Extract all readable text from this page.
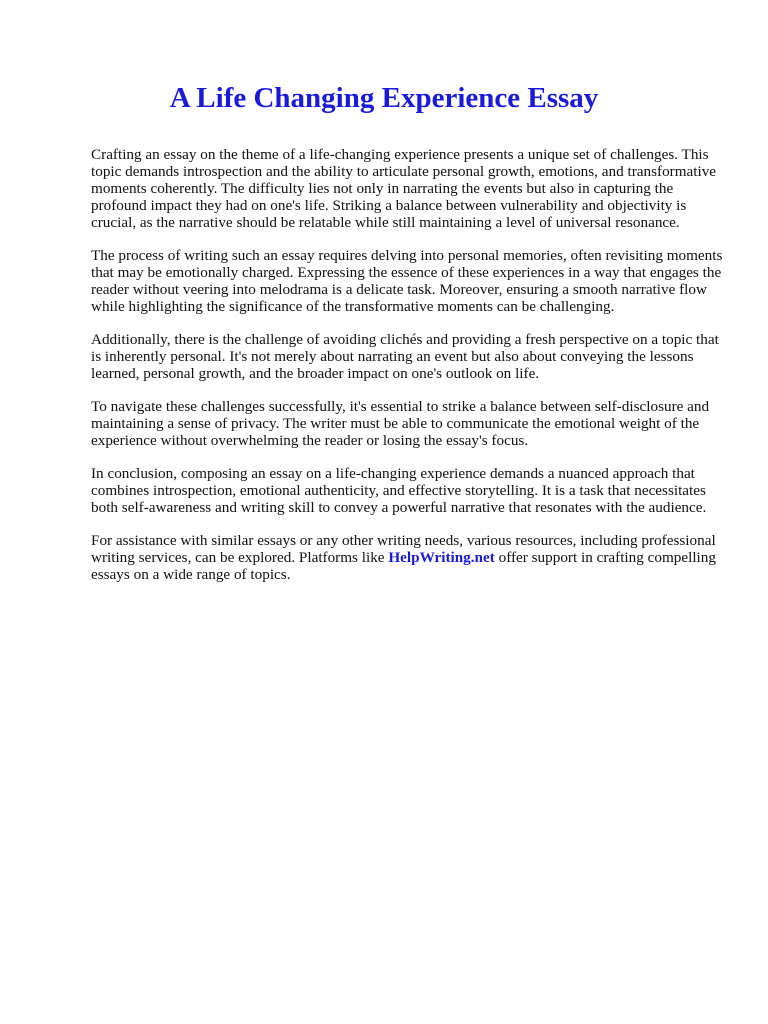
A Life Changing Experience Essay

Crafting an essay on the theme of a life-changing experience presents a unique set of challenges. This topic demands introspection and the ability to articulate personal growth, emotions, and transformative moments coherently. The difficulty lies not only in narrating the events but also in capturing the profound impact they had on one's life. Striking a balance between vulnerability and objectivity is crucial, as the narrative should be relatable while still maintaining a level of universal resonance.

The process of writing such an essay requires delving into personal memories, often revisiting moments that may be emotionally charged. Expressing the essence of these experiences in a way that engages the reader without veering into melodrama is a delicate task. Moreover, ensuring a smooth narrative flow while highlighting the significance of the transformative moments can be challenging.

Additionally, there is the challenge of avoiding clichés and providing a fresh perspective on a topic that is inherently personal. It's not merely about narrating an event but also about conveying the lessons learned, personal growth, and the broader impact on one's outlook on life.

To navigate these challenges successfully, it's essential to strike a balance between self-disclosure and maintaining a sense of privacy. The writer must be able to communicate the emotional weight of the experience without overwhelming the reader or losing the essay's focus.

In conclusion, composing an essay on a life-changing experience demands a nuanced approach that combines introspection, emotional authenticity, and effective storytelling. It is a task that necessitates both self-awareness and writing skill to convey a powerful narrative that resonates with the audience.

For assistance with similar essays or any other writing needs, various resources, including professional writing services, can be explored. Platforms like HelpWriting.net offer support in crafting compelling essays on a wide range of topics.
